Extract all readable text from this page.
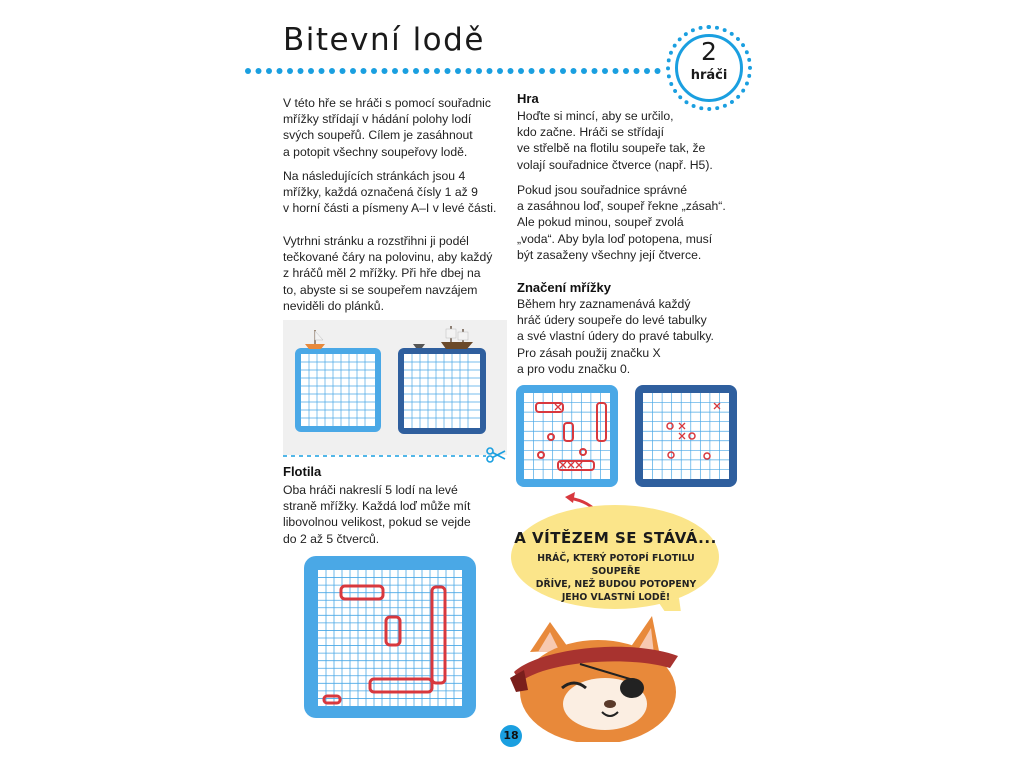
Bitevní lodě	2
hráči
V této hře se hráči s pomocí souřadnic
mřížky střídají v hádání polohy lodí
svých soupeřů. Cílem je zasáhnout
a potopit všechny soupeřovy lodě.
Na následujících stránkách jsou 4
mřížky, každá označená čísly 1 až 9
v horní části a písmeny A–I v levé části.
Vytrhni stránku a rozstřihni ji podél
tečkované čáry na polovinu, aby každý
z hráčů měl 2 mřížky. Při hře dbej na
to, abyste si se soupeřem navzájem
neviděli do plánků.
Flotila
Oba hráči nakreslí 5 lodí na levé
straně mřížky. Každá loď může mít
libovolnou velikost, pokud se vejde
do 2 až 5 čtverců.
Hra
Hoďte si mincí, aby se určilo,
kdo začne. Hráči se střídají
ve střelbě na flotilu soupeře tak, že
volají souřadnice čtverce (např. H5).
Pokud jsou souřadnice správné
a zasáhnou loď, soupeř řekne „zásah“.
Ale pokud minou, soupeř zvolá
„voda“. Aby byla loď potopena, musí
být zasaženy všechny její čtverce.
Značení mřížky
Během hry zaznamenává každý
hráč údery soupeře do levé tabulky
a své vlastní údery do pravé tabulky.
Pro zásah použij značku X
a pro vodu značku 0.
A VÍTĚZEM SE STÁVÁ...
HRÁČ, KTERÝ POTOPÍ FLOTILU SOUPEŘE
DŘÍVE, NEŽ BUDOU POTOPENY
JEHO VLASTNÍ LODĚ!
18
